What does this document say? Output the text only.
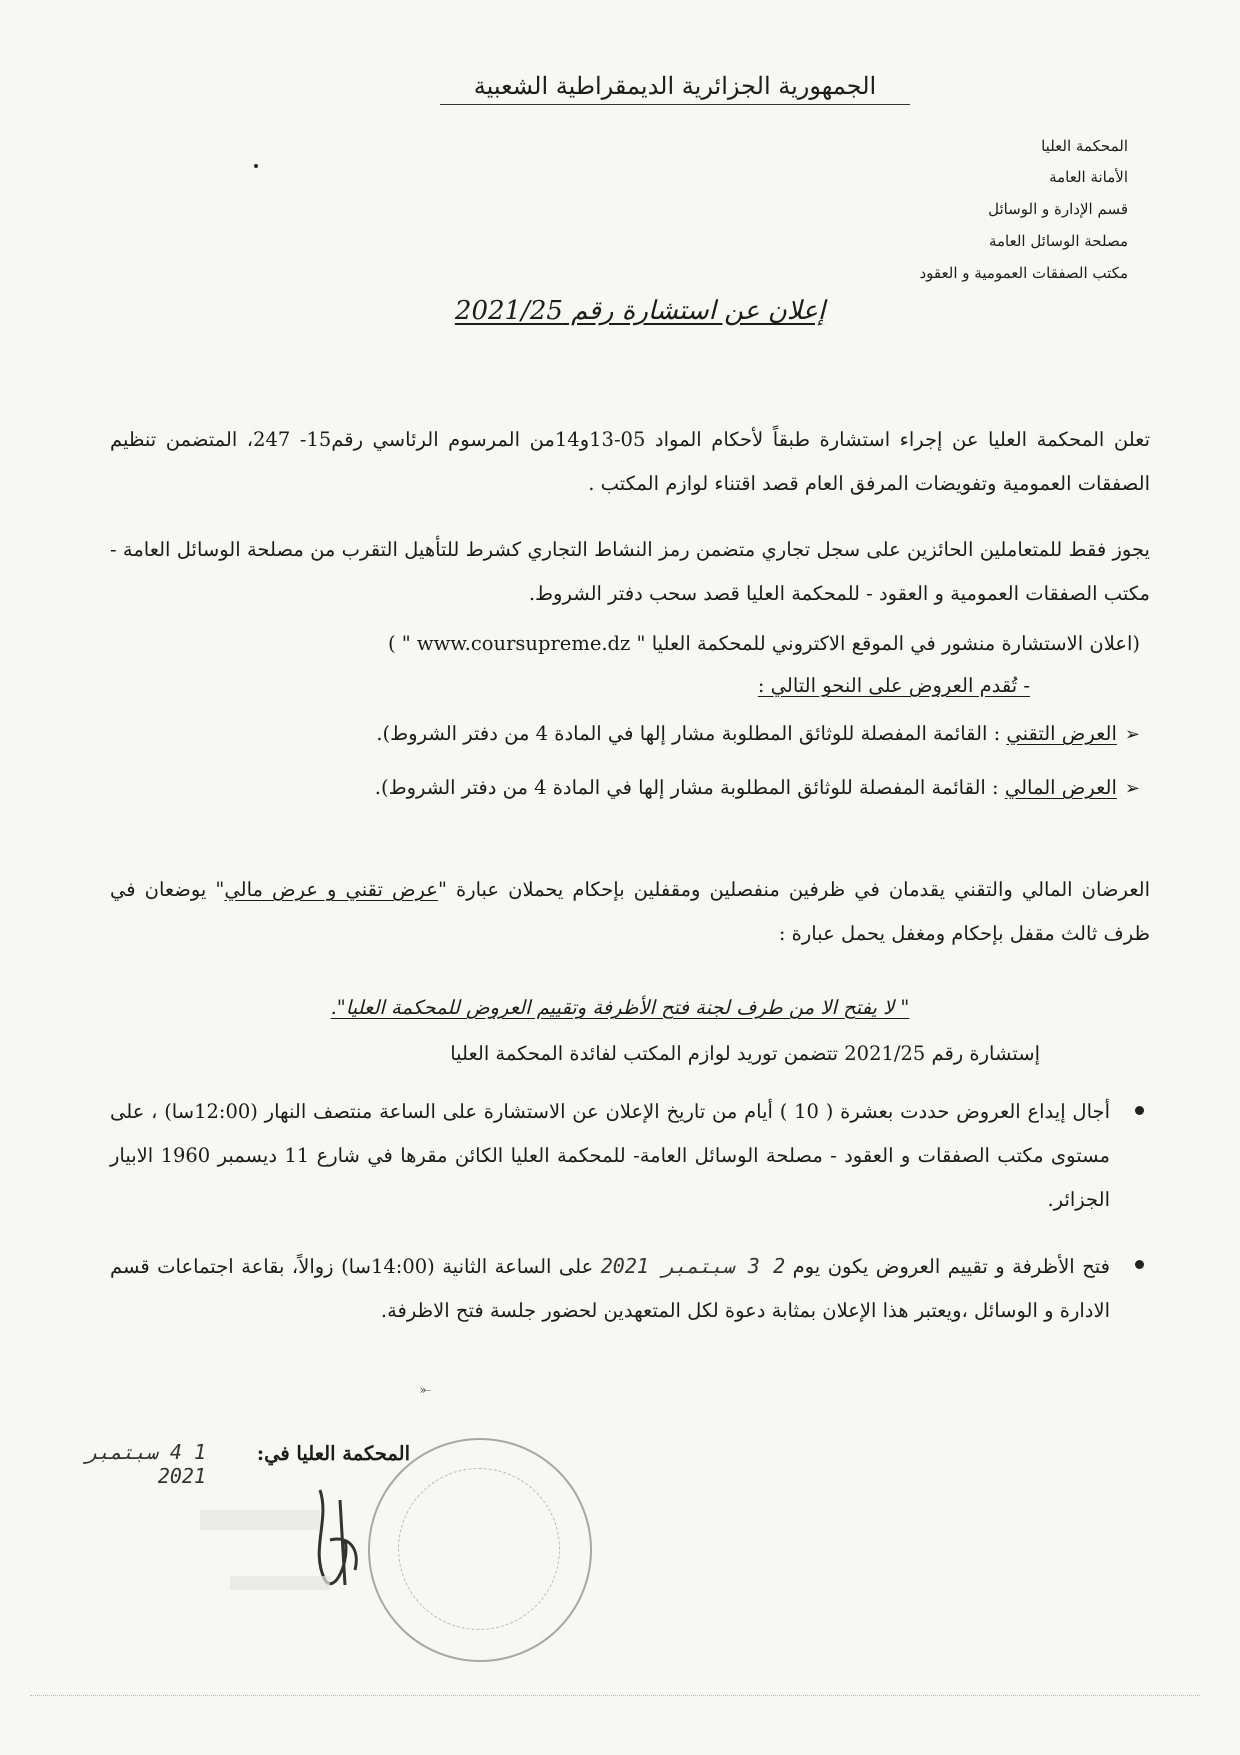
الجمهورية الجزائرية الديمقراطية الشعبية
المحكمة العليا
الأمانة العامة
قسم الإدارة و الوسائل
مصلحة الوسائل العامة
مكتب الصفقات العمومية و العقود
إعلان عن استشارة رقم 2021/25
تعلن المحكمة العليا عن إجراء استشارة طبقاً لأحكام المواد 05-13و14من المرسوم الرئاسي رقم15- 247، المتضمن تنظيم الصفقات العمومية وتفويضات المرفق العام قصد اقتناء لوازم المكتب .
يجوز فقط للمتعاملين الحائزين على سجل تجاري متضمن رمز النشاط التجاري كشرط للتأهيل التقرب من مصلحة الوسائل العامة - مكتب الصفقات العمومية و العقود - للمحكمة العليا قصد سحب دفتر الشروط.
(اعلان الاستشارة منشور في الموقع الاكتروني للمحكمة العليا " www.coursupreme.dz " )
- تُقدم العروض على النحو التالي :
➢العرض التقني : القائمة المفصلة للوثائق المطلوبة مشار إلها في المادة 4 من دفتر الشروط).
➢العرض المالي : القائمة المفصلة للوثائق المطلوبة مشار إلها في المادة 4 من دفتر الشروط).
العرضان المالي والتقني يقدمان في ظرفين منفصلين ومقفلين بإحكام يحملان عبارة "عرض تقني و عرض مالي" يوضعان في ظرف ثالث مقفل بإحكام ومغفل يحمل عبارة :
" لا يفتح الا من طرف لجنة فتح الأظرفة وتقييم العروض للمحكمة العليا".
إستشارة رقم 2021/25 تتضمن توريد لوازم المكتب لفائدة المحكمة العليا
أجال إيداع العروض حددت بعشرة ( 10 ) أيام من تاريخ الإعلان عن الاستشارة على الساعة منتصف النهار (12:00سا) ، على مستوى مكتب الصفقات و العقود - مصلحة الوسائل العامة- للمحكمة العليا الكائن مقرها في شارع 11 ديسمبر 1960 الابيار الجزائر.
فتح الأظرفة و تقييم العروض يكون يوم 2 3 سبتمبر 2021 على الساعة الثانية (14:00سا) زوالاً، بقاعة اجتماعات قسم الادارة و الوسائل ،ويعتبر هذا الإعلان بمثابة دعوة لكل المتعهدين لحضور جلسة فتح الاظرفة.
⤜
المحكمة العليا في:
1 4 سبتمبر 2021
